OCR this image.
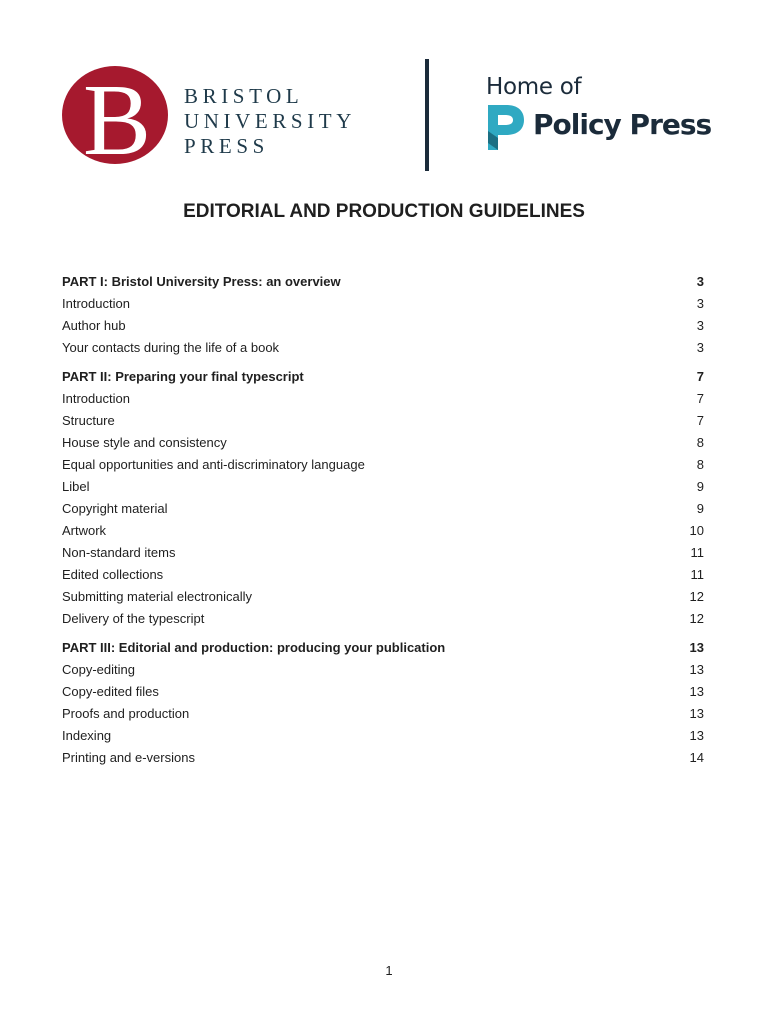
B BRISTOL
UNIVERSITY
PRESS
Home of
Policy Press
EDITORIAL AND PRODUCTION GUIDELINES
PART I: Bristol University Press: an overview	3
Introduction	3
Author hub	3
Your contacts during the life of a book	3
PART II: Preparing your final typescript	7
Introduction	7
Structure	7
House style and consistency	8
Equal opportunities and anti-discriminatory language	8
Libel	9
Copyright material	9
Artwork	10
Non-standard items	11
Edited collections	11
Submitting material electronically	12
Delivery of the typescript	12
PART III: Editorial and production: producing your publication	13
Copy-editing	13
Copy-edited files	13
Proofs and production	13
Indexing	13
Printing and e-versions	14
1
